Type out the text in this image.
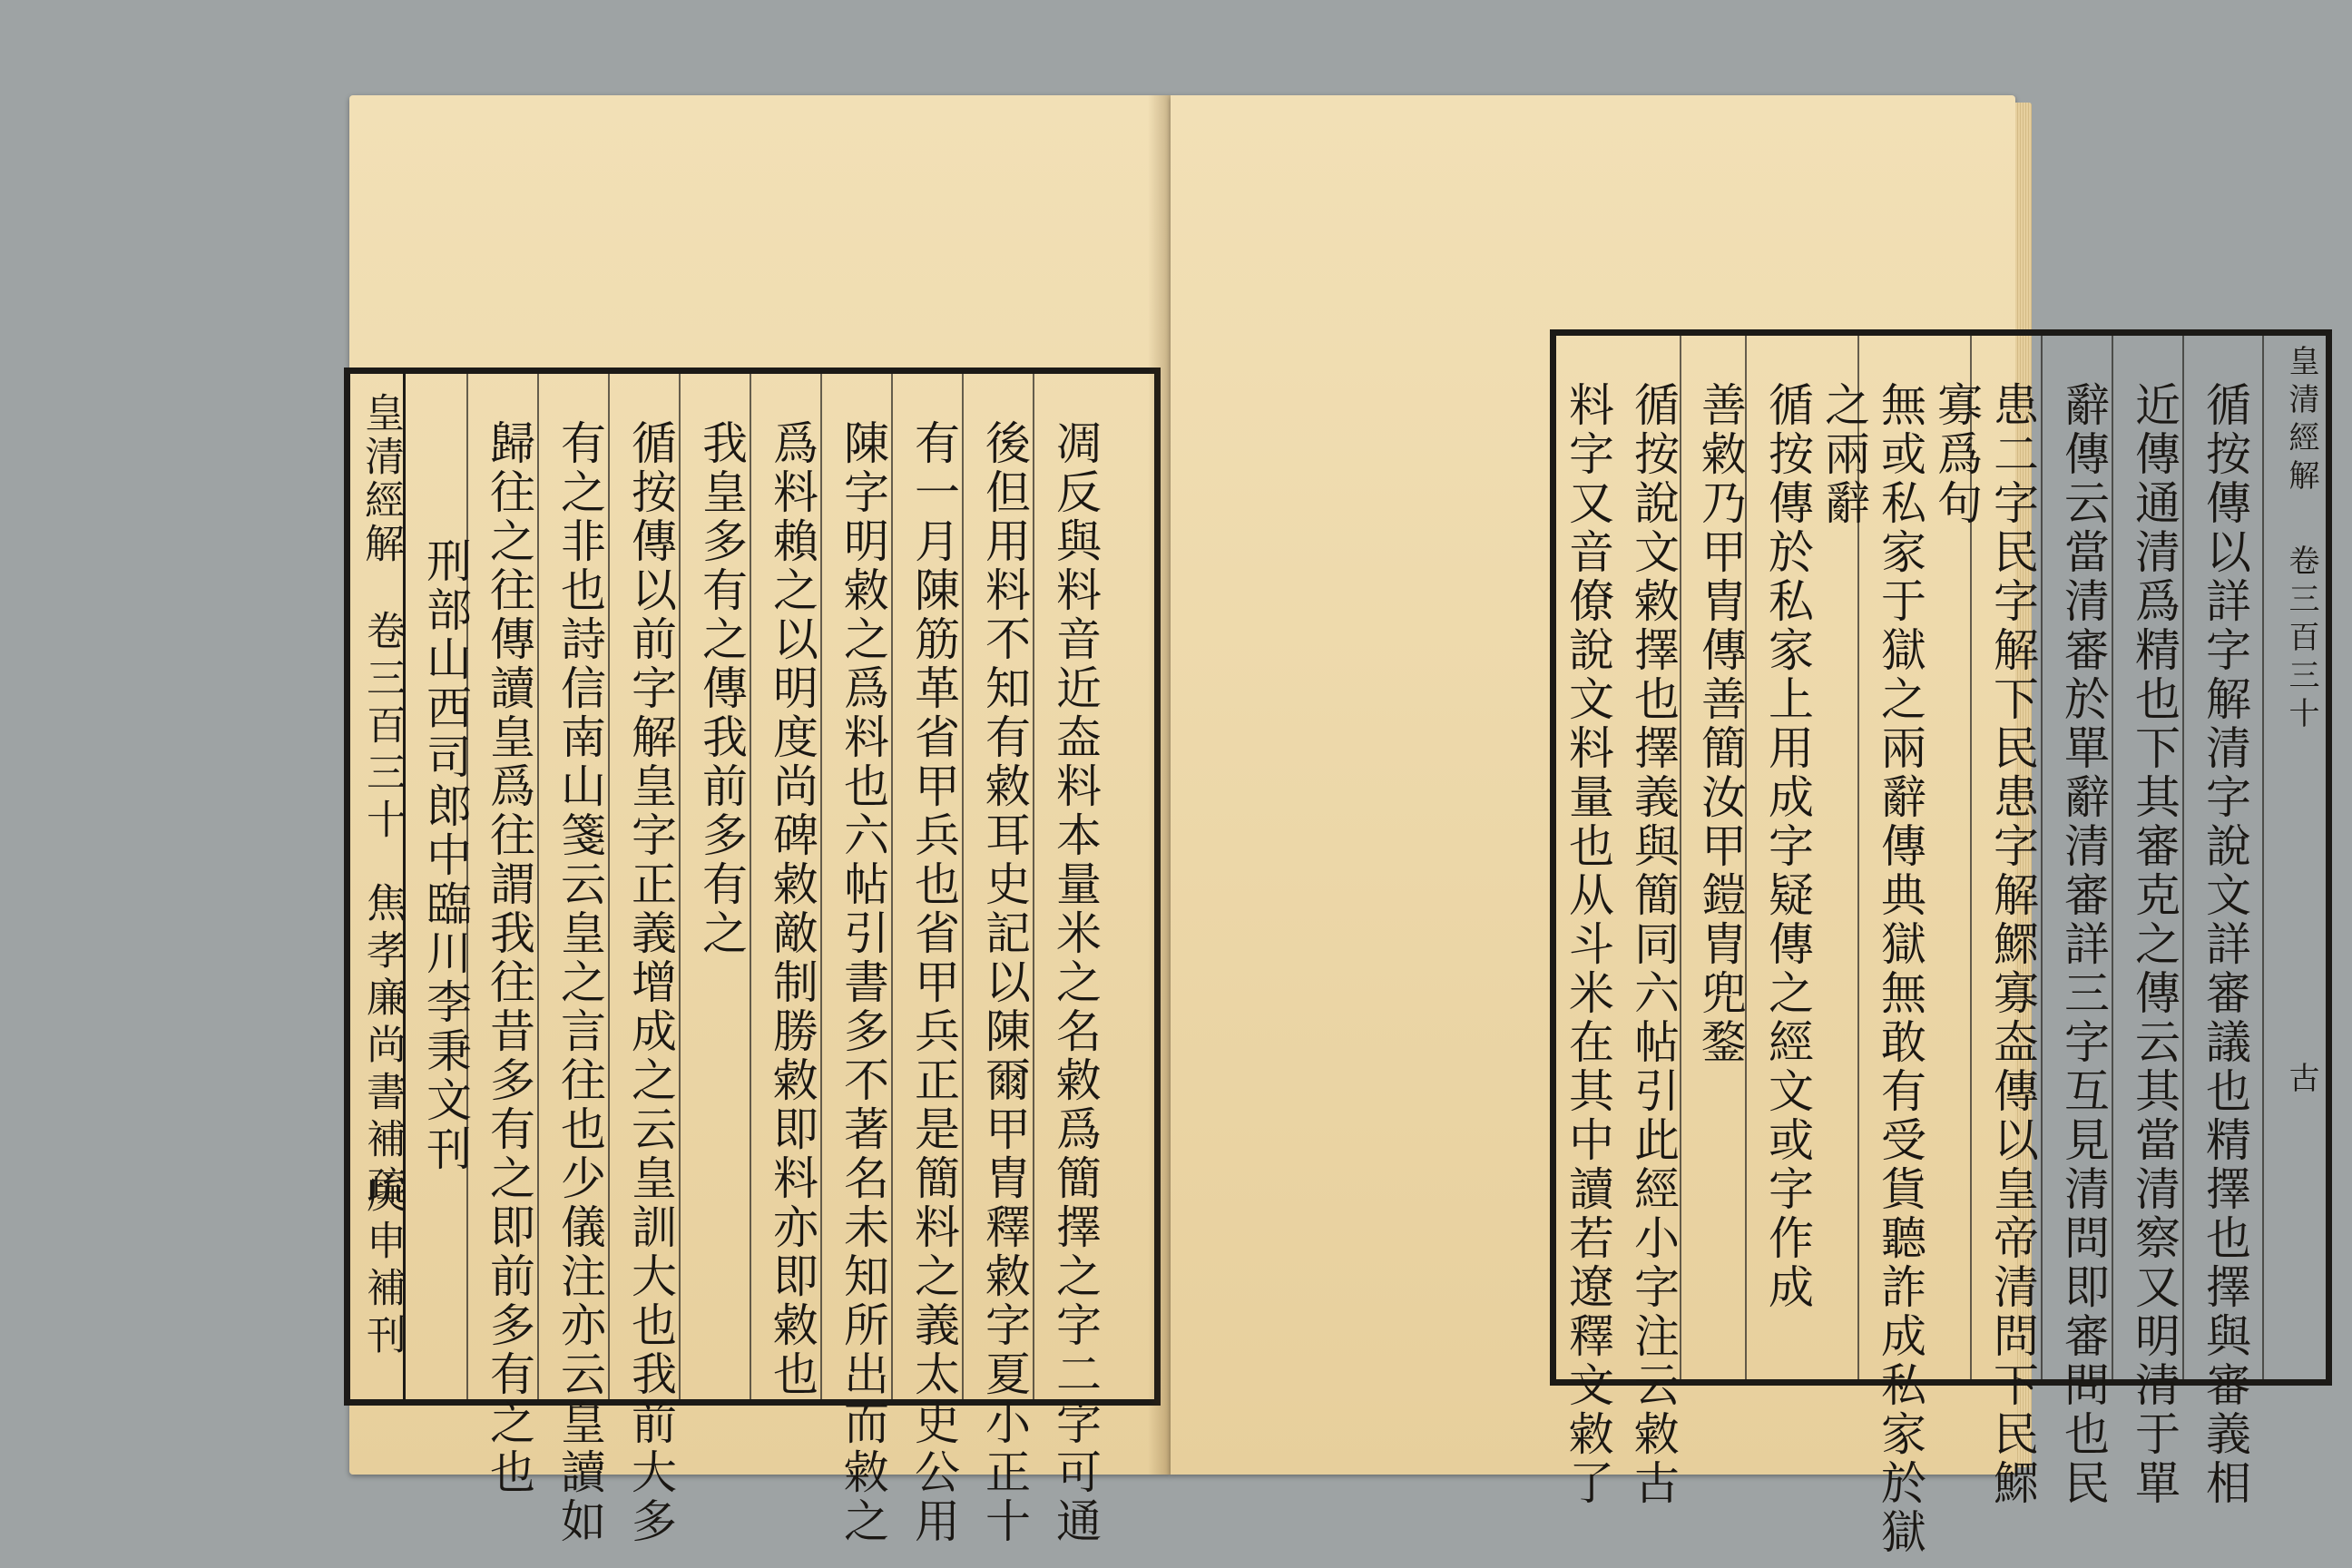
皇清經解
卷三百三十
焦孝廉尚書補疏
庚申補刊	凋反與料音近盇料本量米之名敹爲簡擇之字二字可通
後但用料不知有敹耳史記以陳爾甲胄釋敹字夏小正十
有一月陳筋革省甲兵也省甲兵正是簡料之義太史公用
陳字明敹之爲料也六帖引書多不著名未知所出而敹之
爲料賴之以明度尚碑敹敵制勝敹即料亦即敹也
我皇多有之傳我前多有之
循按傳以前字解皇字正義增成之云皇訓大也我前大多
有之非也詩信南山箋云皇之言往也少儀注亦云皇讀如
歸往之往傳讀皇爲往謂我往昔多有之即前多有之也
刑部山西司郎中臨川李秉文刊
皇清經解
卷三百三十
古
循按傳以詳字解清字說文詳審議也精擇也擇與審義相
近傳通清爲精也下其審克之傳云其當清察又明清于單
辭傳云當清審於單辭清審詳三字互見清問即審問也民
患二字民字解下民患字解鰥寡盇傳以皇帝清問下民鰥
寡爲句
無或私家于獄之兩辭傳典獄無敢有受貨聽詐成私家於獄
之兩辭
循按傳於私家上用成字疑傳之經文或字作成
善敹乃甲胄傳善簡汝甲鎧胄兜鍪
循按說文敹擇也擇義與簡同六帖引此經小字注云敹古
料字又音僚說文料量也从斗米在其中讀若遼釋文敹了
